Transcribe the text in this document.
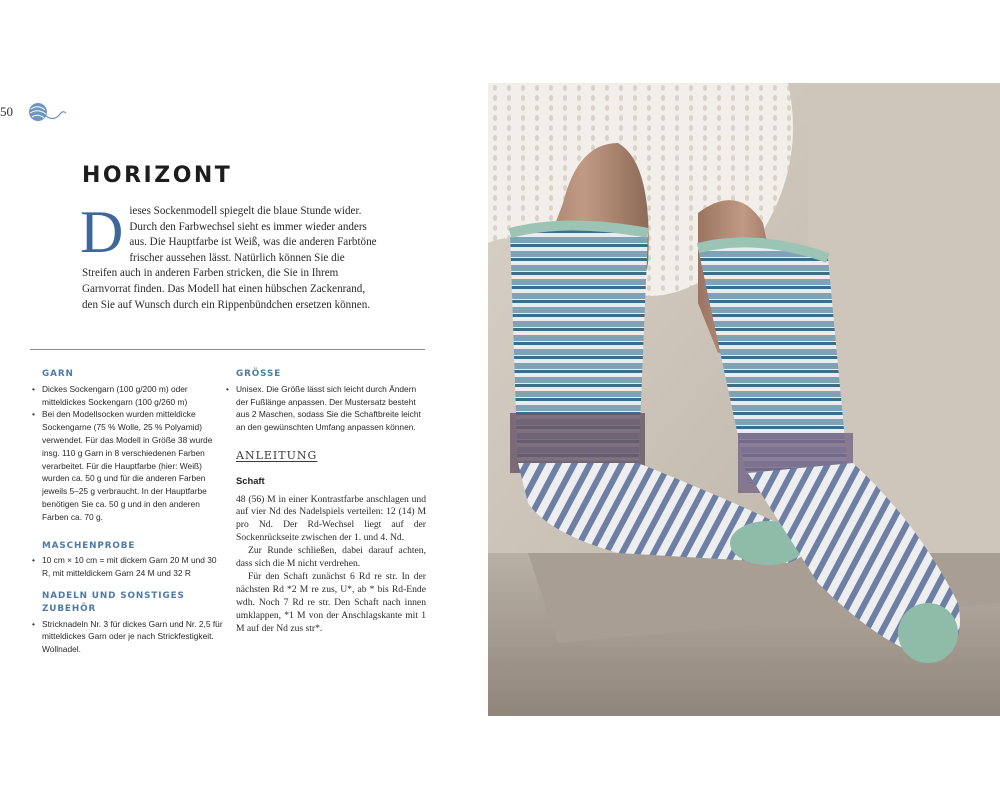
50
HORIZONT

Dieses Sockenmodell spiegelt die blaue Stunde wider. Durch den Farbwechsel sieht es immer wieder anders aus. Die Hauptfarbe ist Weiß, was die anderen Farbtöne frischer aussehen lässt. Natürlich können Sie die Streifen auch in anderen Farben stricken, die Sie in Ihrem Garnvorrat finden. Das Modell hat einen hübschen Zackenrand, den Sie auf Wunsch durch ein Rippenbündchen ersetzen können.

GARN
• Dickes Sockengarn (100 g/200 m) oder mitteldickes Sockengarn (100 g/260 m)
• Bei den Modellsocken wurden mitteldicke Sockengarne (75 % Wolle, 25 % Polyamid) verwendet. Für das Modell in Größe 38 wurde insg. 110 g Garn in 8 verschiedenen Farben verarbeitet. Für die Hauptfarbe (hier: Weiß) wurden ca. 50 g und für die anderen Farben jeweils 5–25 g verbraucht. In der Hauptfarbe benötigen Sie ca. 50 g und in den anderen Farben ca. 70 g.
MASCHENPROBE
• 10 cm × 10 cm = mit dickem Garn 20 M und 30 R, mit mitteldickem Garn 24 M und 32 R
NADELN UND SONSTIGES ZUBEHÖR
• Stricknadeln Nr. 3 für dickes Garn und Nr. 2,5 für mitteldickes Garn oder je nach Strickfestigkeit. Wollnadel.
GRÖSSE
• Unisex. Die Größe lässt sich leicht durch Ändern der Fußlänge anpassen. Der Mustersatz besteht aus 2 Maschen, sodass Sie die Schaftbreite leicht an den gewünschten Umfang anpassen können.
ANLEITUNG
Schaft

48 (56) M in einer Kontrastfarbe anschlagen und auf vier Nd des Nadelspiels verteilen: 12 (14) M pro Nd. Der Rd-Wechsel liegt auf der Sockenrückseite zwischen der 1. und 4. Nd.

Zur Runde schließen, dabei darauf achten, dass sich die M nicht verdrehen.

Für den Schaft zunächst 6 Rd re str. In der nächsten Rd *2 M re zus, U*, ab * bis Rd-Ende wdh. Noch 7 Rd re str. Den Schaft nach innen umklappen, *1 M von der Anschlagskante mit 1 M auf der Nd zus str*.
